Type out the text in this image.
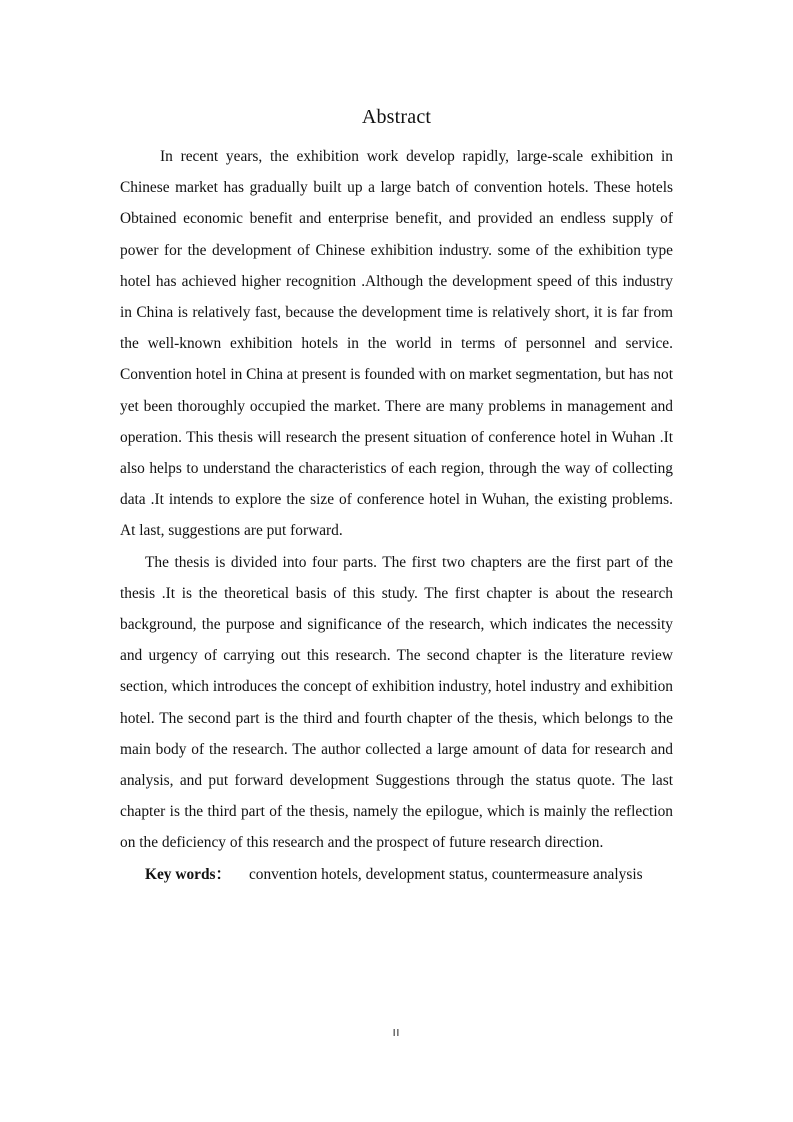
Abstract

In recent years, the exhibition work develop rapidly, large-scale exhibition in Chinese market has gradually built up a large batch of convention hotels. These hotels Obtained economic benefit and enterprise benefit, and provided an endless supply of power for the development of Chinese exhibition industry. some of the exhibition type hotel has achieved higher recognition .Although the development speed of this industry in China is relatively fast, because the development time is relatively short, it is far from the well-known exhibition hotels in the world in terms of personnel and service. Convention hotel in China at present is founded with on market segmentation, but has not yet been thoroughly occupied the market. There are many problems in management and operation. This thesis will research the present situation of conference hotel in Wuhan .It also helps to understand the characteristics of each region, through the way of collecting data .It intends to explore the size of conference hotel in Wuhan, the existing problems. At last, suggestions are put forward.

The thesis is divided into four parts. The first two chapters are the first part of the thesis .It is the theoretical basis of this study. The first chapter is about the research background, the purpose and significance of the research, which indicates the necessity and urgency of carrying out this research. The second chapter is the literature review section, which introduces the concept of exhibition industry, hotel industry and exhibition hotel. The second part is the third and fourth chapter of the thesis, which belongs to the main body of the research. The author collected a large amount of data for research and analysis, and put forward development Suggestions through the status quote. The last chapter is the third part of the thesis, namely the epilogue, which is mainly the reflection on the deficiency of this research and the prospect of future research direction.

Key words： convention hotels, development status, countermeasure analysis

II
